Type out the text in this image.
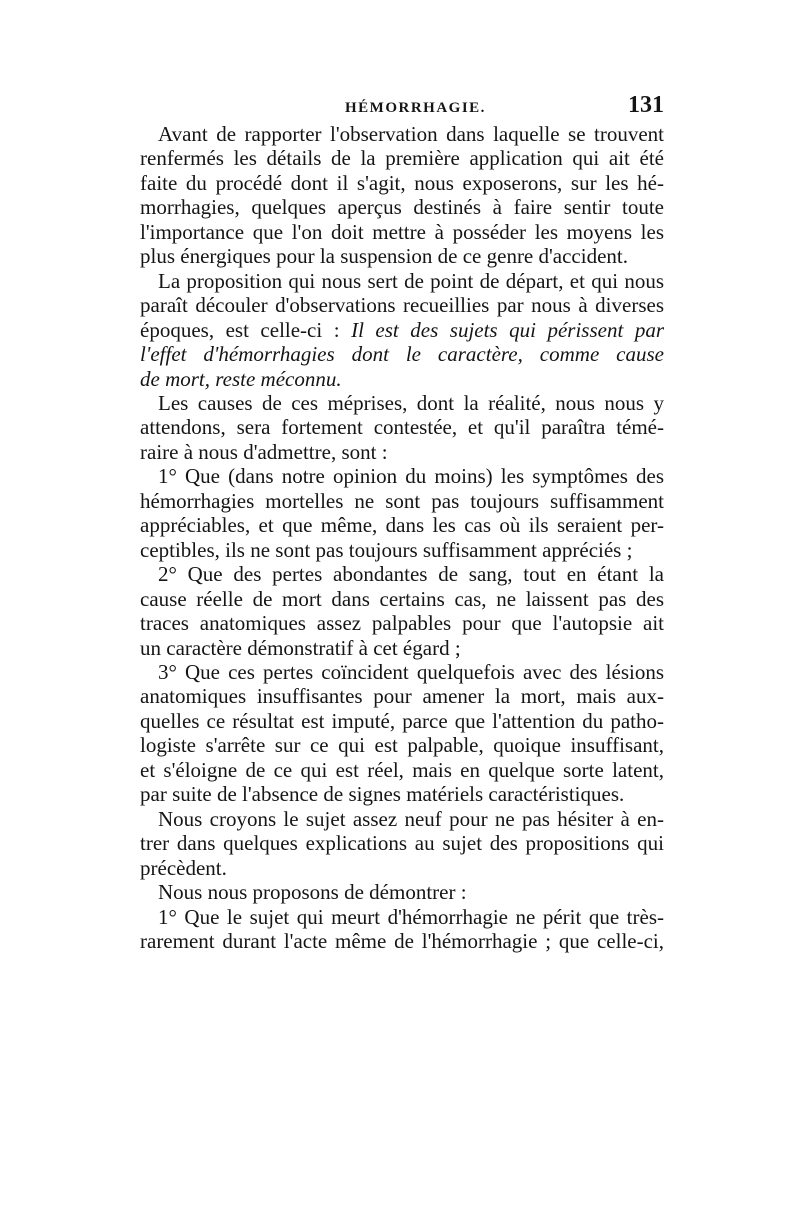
HÉMORRHAGIE.	131
Avant de rapporter l'observation dans laquelle se trouvent
renfermés les détails de la première application qui ait été
faite du procédé dont il s'agit, nous exposerons, sur les hé-
morrhagies, quelques aperçus destinés à faire sentir toute
l'importance que l'on doit mettre à posséder les moyens les
plus énergiques pour la suspension de ce genre d'accident.
La proposition qui nous sert de point de départ, et qui nous
paraît découler d'observations recueillies par nous à diverses
époques, est celle-ci : Il est des sujets qui périssent par
l'effet d'hémorrhagies dont le caractère, comme cause
de mort, reste méconnu.
Les causes de ces méprises, dont la réalité, nous nous y
attendons, sera fortement contestée, et qu'il paraîtra témé-
raire à nous d'admettre, sont :
1° Que (dans notre opinion du moins) les symptômes des
hémorrhagies mortelles ne sont pas toujours suffisamment
appréciables, et que même, dans les cas où ils seraient per-
ceptibles, ils ne sont pas toujours suffisamment appréciés ;
2° Que des pertes abondantes de sang, tout en étant la
cause réelle de mort dans certains cas, ne laissent pas des
traces anatomiques assez palpables pour que l'autopsie ait
un caractère démonstratif à cet égard ;
3° Que ces pertes coïncident quelquefois avec des lésions
anatomiques insuffisantes pour amener la mort, mais aux-
quelles ce résultat est imputé, parce que l'attention du patho-
logiste s'arrête sur ce qui est palpable, quoique insuffisant,
et s'éloigne de ce qui est réel, mais en quelque sorte latent,
par suite de l'absence de signes matériels caractéristiques.
Nous croyons le sujet assez neuf pour ne pas hésiter à en-
trer dans quelques explications au sujet des propositions qui
précèdent.
Nous nous proposons de démontrer :
1° Que le sujet qui meurt d'hémorrhagie ne périt que très-
rarement durant l'acte même de l'hémorrhagie ; que celle-ci,
